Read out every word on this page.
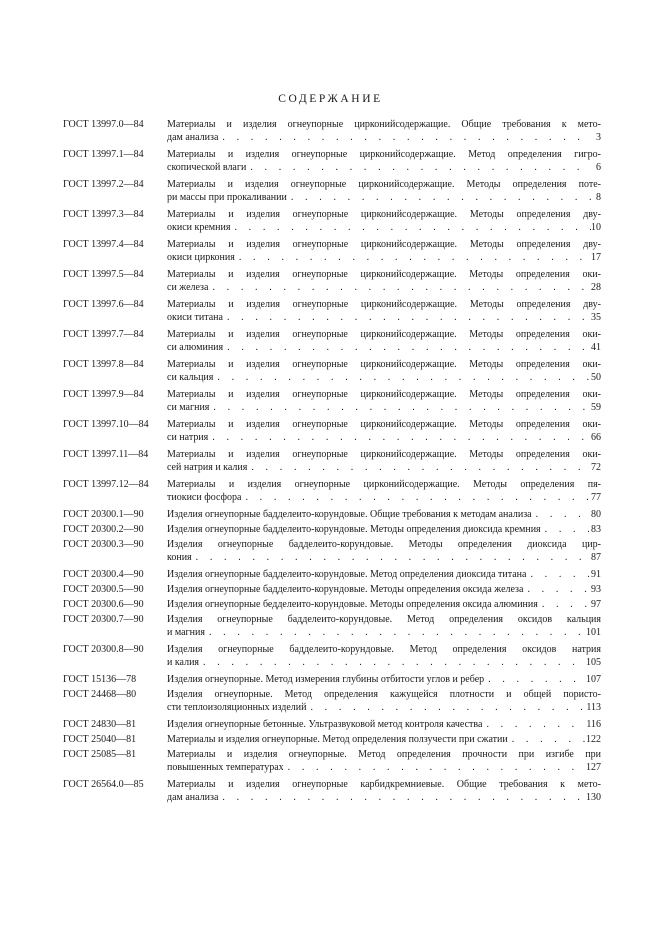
СОДЕРЖАНИЕ
ГОСТ 13997.0—84	Материалы и изделия огнеупорные цирконийсодержащие. Общие требования к мето-
дам анализа . . .	3
ГОСТ 13997.1—84	Материалы и изделия огнеупорные цирконийсодержащие. Метод определения гигро-
скопической влаги . . .	6
ГОСТ 13997.2—84	Материалы и изделия огнеупорные цирконийсодержащие. Методы определения поте-
ри массы при прокаливании . . .	8
ГОСТ 13997.3—84	Материалы и изделия огнеупорные цирконийсодержащие. Методы определения дву-
окиси кремния . . .	10
ГОСТ 13997.4—84	Материалы и изделия огнеупорные цирконийсодержащие. Методы определения дву-
окиси циркония . . .	17
ГОСТ 13997.5—84	Материалы и изделия огнеупорные цирконийсодержащие. Методы определения оки-
си железа . . .	28
ГОСТ 13997.6—84	Материалы и изделия огнеупорные цирконийсодержащие. Методы определения дву-
окиси титана . . .	35
ГОСТ 13997.7—84	Материалы и изделия огнеупорные цирконийсодержащие. Методы определения оки-
си алюминия . . .	41
ГОСТ 13997.8—84	Материалы и изделия огнеупорные цирконийсодержащие. Методы определения оки-
си кальция . . .	50
ГОСТ 13997.9—84	Материалы и изделия огнеупорные цирконийсодержащие. Методы определения оки-
си магния . . .	59
ГОСТ 13997.10—84	Материалы и изделия огнеупорные цирконийсодержащие. Методы определения оки-
си натрия . . .	66
ГОСТ 13997.11—84	Материалы и изделия огнеупорные цирконийсодержащие. Методы определения оки-
сей натрия и калия . . .	72
ГОСТ 13997.12—84	Материалы и изделия огнеупорные цирконийсодержащие. Методы определения пя-
тиокиси фосфора . . .	77
ГОСТ 20300.1—90	Изделия огнеупорные бадделеито-корундовые. Общие требования к методам анализа . . .	80
ГОСТ 20300.2—90	Изделия огнеупорные бадделеито-корундовые. Методы определения диоксида кремния . . .	83
ГОСТ 20300.3—90	Изделия огнеупорные бадделеито-корундовые. Методы определения диоксида цир-
кония . . .	87
ГОСТ 20300.4—90	Изделия огнеупорные бадделеито-корундовые. Метод определения диоксида титана . . .	91
ГОСТ 20300.5—90	Изделия огнеупорные бадделеито-корундовые. Методы определения оксида железа . . .	93
ГОСТ 20300.6—90	Изделия огнеупорные бедделеито-корундовые. Методы определения оксида алюминия . . .	97
ГОСТ 20300.7—90	Изделия огнеупорные бадделеито-корундовые. Метод определения оксидов кальция
и магния . . .	101
ГОСТ 20300.8—90	Изделия огнеупорные бадделеито-корундовые. Метод определения оксидов натрия
и калия . . .	105
ГОСТ 15136—78	Изделия огнеупорные. Метод измерения глубины отбитости углов и ребер . . .	107
ГОСТ 24468—80	Изделия огнеупорные. Метод определения кажущейся плотности и общей пористо-
сти теплоизоляционных изделий . . .	113
ГОСТ 24830—81	Изделия огнеупорные бетонные. Ультразвуковой метод контроля качества . . .	116
ГОСТ 25040—81	Материалы и изделия огнеупорные. Метод определения ползучести при сжатии . . .	122
ГОСТ 25085—81	Материалы и изделия огнеупорные. Метод определения прочности при изгибе при
повышенных температурах . . .	127
ГОСТ 26564.0—85	Материалы и изделия огнеупорные карбидкремниевые. Общие требования к мето-
дам анализа . . .	130
